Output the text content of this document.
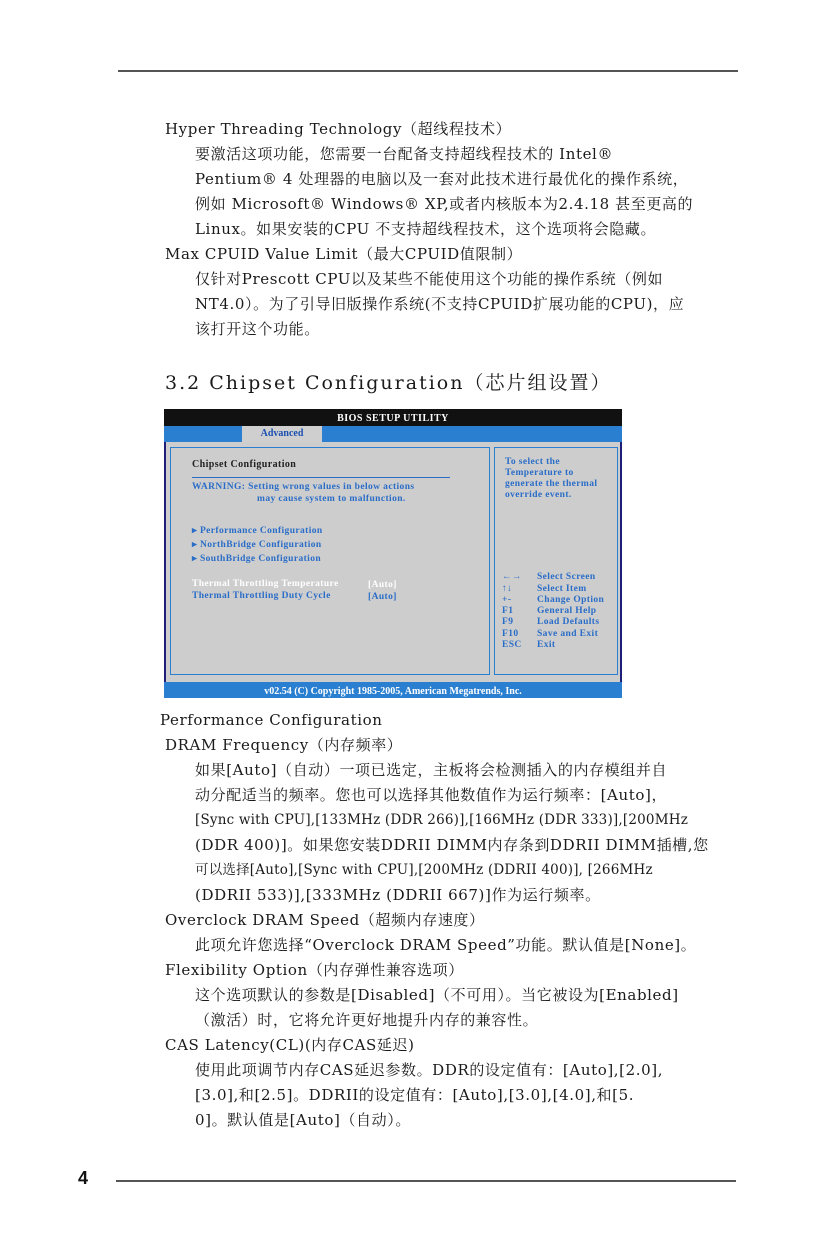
Hyper Threading Technology（超线程技术）
要激活这项功能，您需要一台配备支持超线程技术的 Intel®
Pentium® 4 处理器的电脑以及一套对此技术进行最优化的操作系统，
例如 Microsoft® Windows® XP,或者内核版本为2.4.18 甚至更高的
Linux。如果安装的CPU 不支持超线程技术，这个选项将会隐藏。
Max CPUID Value Limit（最大CPUID值限制）
仅针对Prescott CPU以及某些不能使用这个功能的操作系统（例如
NT4.0）。为了引导旧版操作系统(不支持CPUID扩展功能的CPU)，应
该打开这个功能。
3.2 Chipset Configuration（芯片组设置）
BIOS SETUP UTILITY
Advanced
Chipset Configuration
WARNING: Setting wrong values in below actions
may cause system to malfunction.
▸ Performance Configuration
▸ NorthBridge Configuration
▸ SouthBridge Configuration
Thermal Throttling Temperature	[Auto]
Thermal Throttling Duty Cycle	[Auto]
To select the
Temperature to
generate the thermal
override event.
←→ Select Screen
↑↓	Select Item
+-	Change Option
F1 General Help
F9 Load Defaults
F10 Save and Exit
ESC Exit
v02.54 (C) Copyright 1985-2005, American Megatrends, Inc.
Performance Configuration
DRAM Frequency（内存频率）
如果[Auto]（自动）一项已选定，主板将会检测插入的内存模组并自
动分配适当的频率。您也可以选择其他数值作为运行频率：[Auto]，
[Sync with CPU],[133MHz (DDR 266)],[166MHz (DDR 333)],[200MHz
(DDR 400)]。如果您安装DDRII DIMM内存条到DDRII DIMM插槽,您
可以选择[Auto],[Sync with CPU],[200MHz (DDRII 400)], [266MHz
(DDRII 533)],[333MHz (DDRII 667)]作为运行频率。
Overclock DRAM Speed（超频内存速度）
此项允许您选择“Overclock DRAM Speed”功能。默认值是[None]。
Flexibility Option（内存弹性兼容选项）
这个选项默认的参数是[Disabled]（不可用）。当它被设为[Enabled]
（激活）时，它将允许更好地提升内存的兼容性。
CAS Latency(CL)(内存CAS延迟)
使用此项调节内存CAS延迟参数。DDR的设定值有：[Auto],[2.0],
[3.0],和[2.5]。DDRII的设定值有：[Auto],[3.0],[4.0],和[5.
0]。默认值是[Auto]（自动）。
4
